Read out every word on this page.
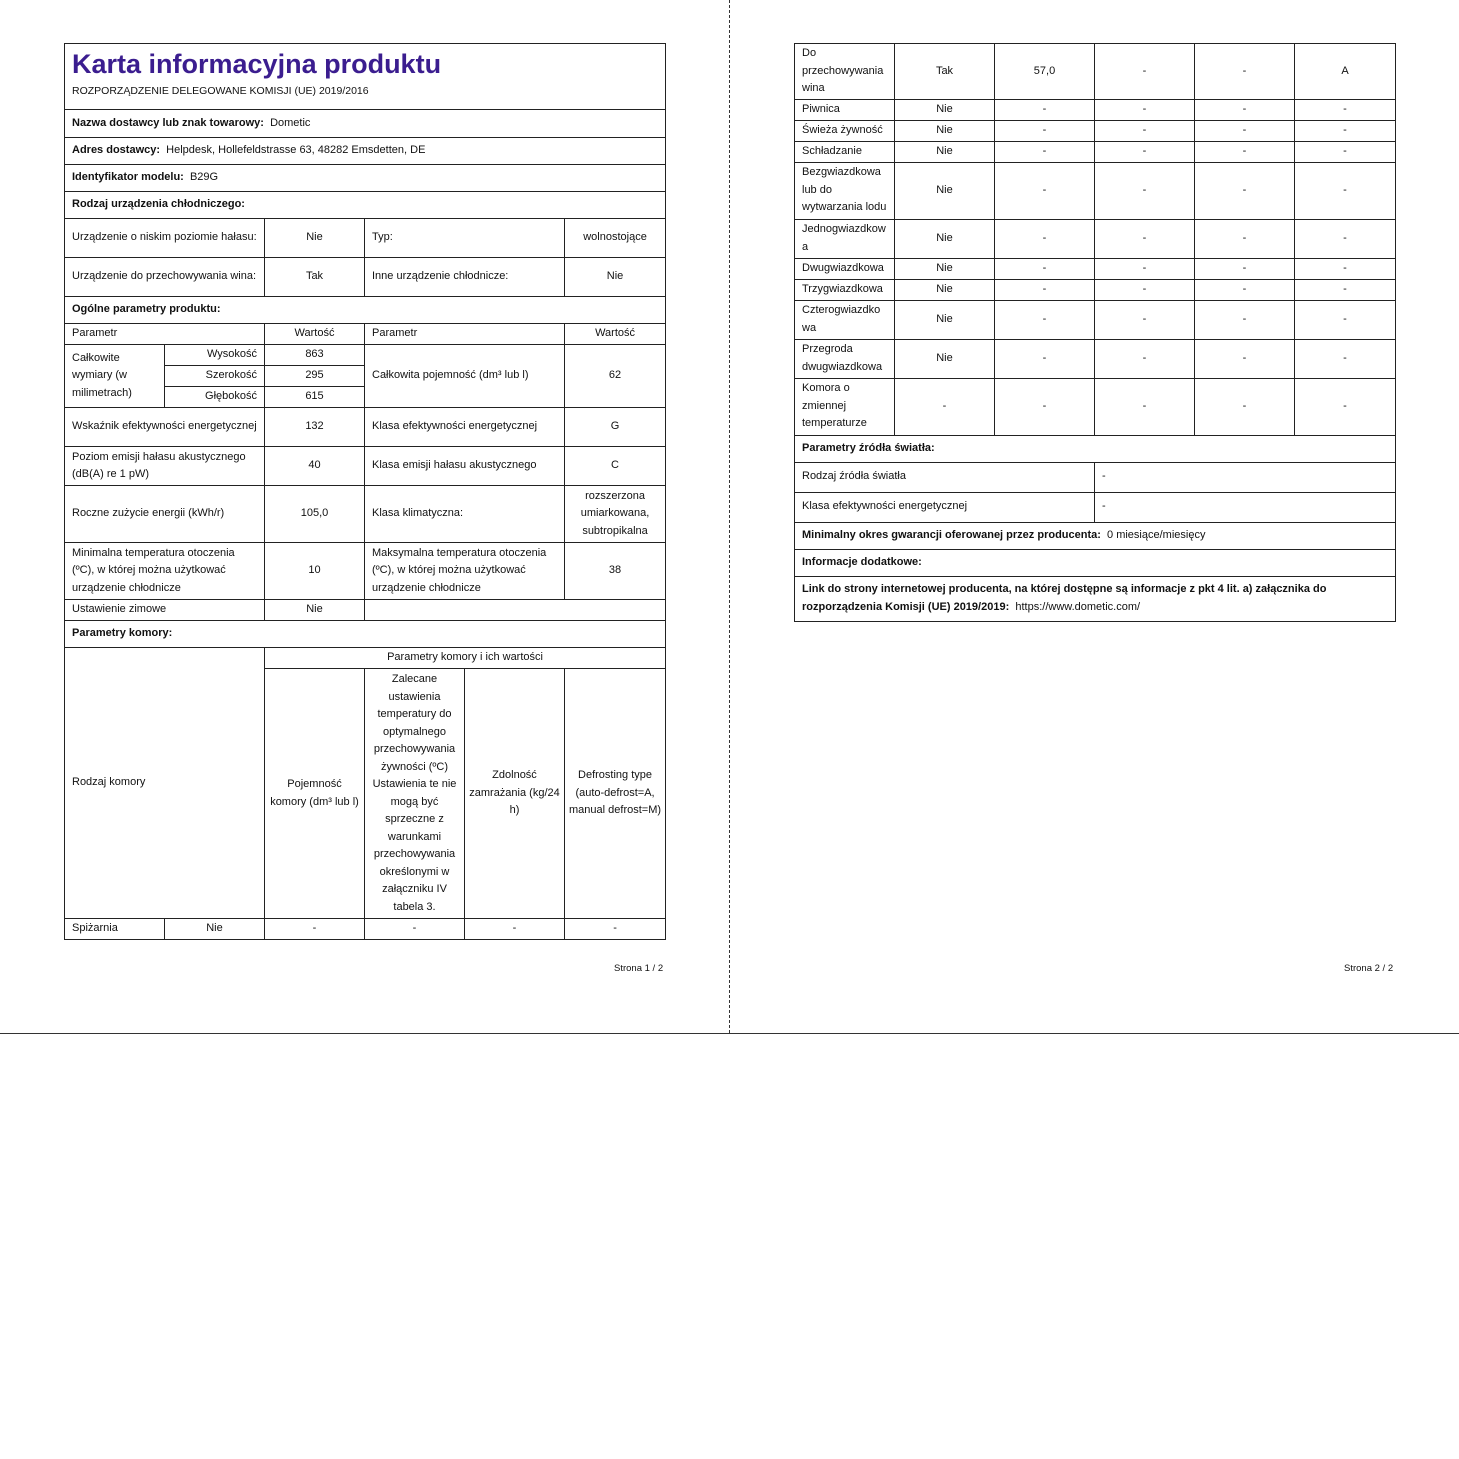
Karta informacyjna produktu
ROZPORZĄDZENIE DELEGOWANE KOMISJI (UE) 2019/2016					

Nazwa dostawcy lub znak towarowy: Dometic					
Adres dostawcy: Helpdesk, Hollefeldstrasse 63, 48282 Emsdetten, DE					
Identyfikator modelu: B29G					
Rodzaj urządzenia chłodniczego:					
Urządzenie o niskim poziomie hałasu:		Nie	Typ:		wolnostojące
Urządzenie do przechowywania wina:		Tak	Inne urządzenie chłodnicze:		Nie
Ogólne parametry produktu:					
Parametr		Wartość	Parametr		Wartość
Całkowite wymiary (w milimetrach)	Wysokość	863	Całkowita pojemność (dm³ lub l)		62
	Szerokość	295			
	Głębokość	615			
Wskaźnik efektywności energetycznej		132	Klasa efektywności energetycznej		G
Poziom emisji hałasu akustycznego (dB(A) re 1 pW)		40	Klasa emisji hałasu akustycznego		C
Roczne zużycie energii (kWh/r)		105,0	Klasa klimatyczna:		rozszerzona umiarkowana, subtropikalna
Minimalna temperatura otoczenia (ºC), w której można użytkować urządzenie chłodnicze		10	Maksymalna temperatura otoczenia (ºC), w której można użytkować urządzenie chłodnicze		38
Ustawienie zimowe		Nie			
Parametry komory:					
Rodzaj komory		Parametry komory i ich wartości			
		Pojemność komory (dm³ lub l)	Zalecane ustawienia temperatury do optymalnego przechowywania żywności (ºC) Ustawienia te nie mogą być sprzeczne z warunkami przechowywania określonymi w załączniku IV tabela 3.	Zdolność zamrażania (kg/24 h)	Defrosting type (auto-defrost=A, manual defrost=M)
Spiżarnia	Nie	-	-	-	-
Strona 1 / 2
Do przechowywania wina	Tak	57,0	-	-	A
Piwnica	Nie	-	-	-	-
Świeża żywność	Nie	-	-	-	-
Schładzanie	Nie	-	-	-	-
Bezgwiazdkowa lub do wytwarzania lodu	Nie	-	-	-	-
Jednogwiazdkowa	Nie	-	-	-	-
Dwugwiazdkowa	Nie	-	-	-	-
Trzygwiazdkowa	Nie	-	-	-	-
Czterogwiazdkowa	Nie	-	-	-	-
Przegroda dwugwiazdkowa	Nie	-	-	-	-
Komora o zmiennej temperaturze	-	-	-	-	-
Parametry źródła światła:					
Rodzaj źródła światła			-		
Klasa efektywności energetycznej			-		
Minimalny okres gwarancji oferowanej przez producenta: 0 miesiące/miesięcy					
Informacje dodatkowe:					
Link do strony internetowej producenta, na której dostępne są informacje z pkt 4 lit. a) załącznika do rozporządzenia Komisji (UE) 2019/2019: https://www.dometic.com/					
Strona 2 / 2
